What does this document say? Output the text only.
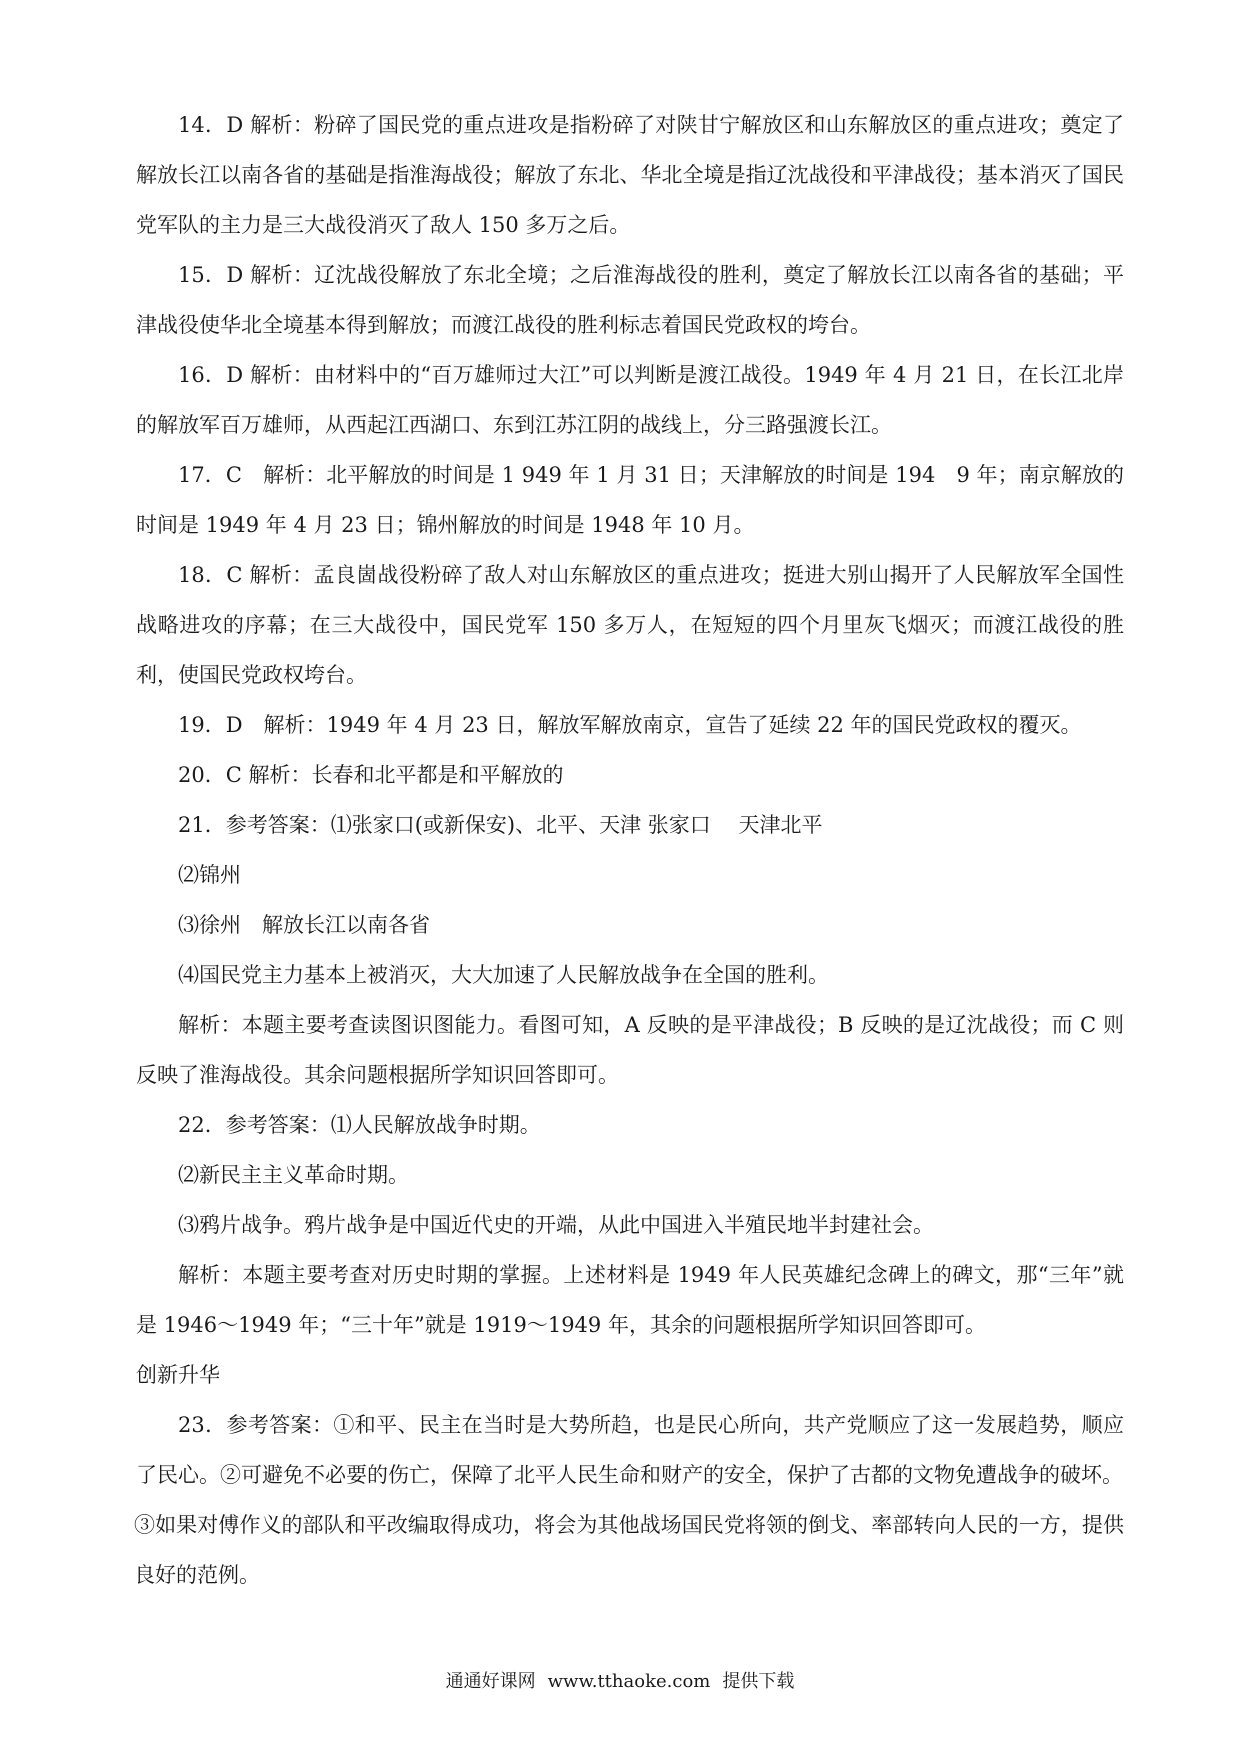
14．D 解析：粉碎了国民党的重点进攻是指粉碎了对陕甘宁解放区和山东解放区的重点进攻；奠定了解放长江以南各省的基础是指淮海战役；解放了东北、华北全境是指辽沈战役和平津战役；基本消灭了国民党军队的主力是三大战役消灭了敌人 150 多万之后。

15．D 解析：辽沈战役解放了东北全境；之后淮海战役的胜利，奠定了解放长江以南各省的基础；平津战役使华北全境基本得到解放；而渡江战役的胜利标志着国民党政权的垮台。

16．D 解析：由材料中的“百万雄师过大江”可以判断是渡江战役。1949 年 4 月 21 日，在长江北岸的解放军百万雄师，从西起江西湖口、东到江苏江阴的战线上，分三路强渡长江。

17．C　解析：北平解放的时间是 1 949 年 1 月 31 日；天津解放的时间是 194　9 年；南京解放的时间是 1949 年 4 月 23 日；锦州解放的时间是 1948 年 10 月。

18．C 解析：孟良崮战役粉碎了敌人对山东解放区的重点进攻；挺进大别山揭开了人民解放军全国性战略进攻的序幕；在三大战役中，国民党军 150 多万人，在短短的四个月里灰飞烟灭；而渡江战役的胜利，使国民党政权垮台。

19．D　解析：1949 年 4 月 23 日，解放军解放南京，宣告了延续 22 年的国民党政权的覆灭。

20．C 解析：长春和北平都是和平解放的

21．参考答案：⑴张家口(或新保安)、北平、天津 张家口　 天津北平

⑵锦州

⑶徐州　解放长江以南各省

⑷国民党主力基本上被消灭，大大加速了人民解放战争在全国的胜利。

解析：本题主要考查读图识图能力。看图可知，A 反映的是平津战役；B 反映的是辽沈战役；而 C 则反映了淮海战役。其余问题根据所学知识回答即可。

22．参考答案：⑴人民解放战争时期。

⑵新民主主义革命时期。

⑶鸦片战争。鸦片战争是中国近代史的开端，从此中国进入半殖民地半封建社会。

解析：本题主要考查对历史时期的掌握。上述材料是 1949 年人民英雄纪念碑上的碑文，那“三年”就是 1946～1949 年；“三十年”就是 1919～1949 年，其余的问题根据所学知识回答即可。

创新升华

23．参考答案：①和平、民主在当时是大势所趋，也是民心所向，共产党顺应了这一发展趋势，顺应了民心。②可避免不必要的伤亡，保障了北平人民生命和财产的安全，保护了古都的文物免遭战争的破坏。

③如果对傅作义的部队和平改编取得成功，将会为其他战场国民党将领的倒戈、率部转向人民的一方，提供良好的范例。

通通好课网 www.tthaoke.com 提供下载
